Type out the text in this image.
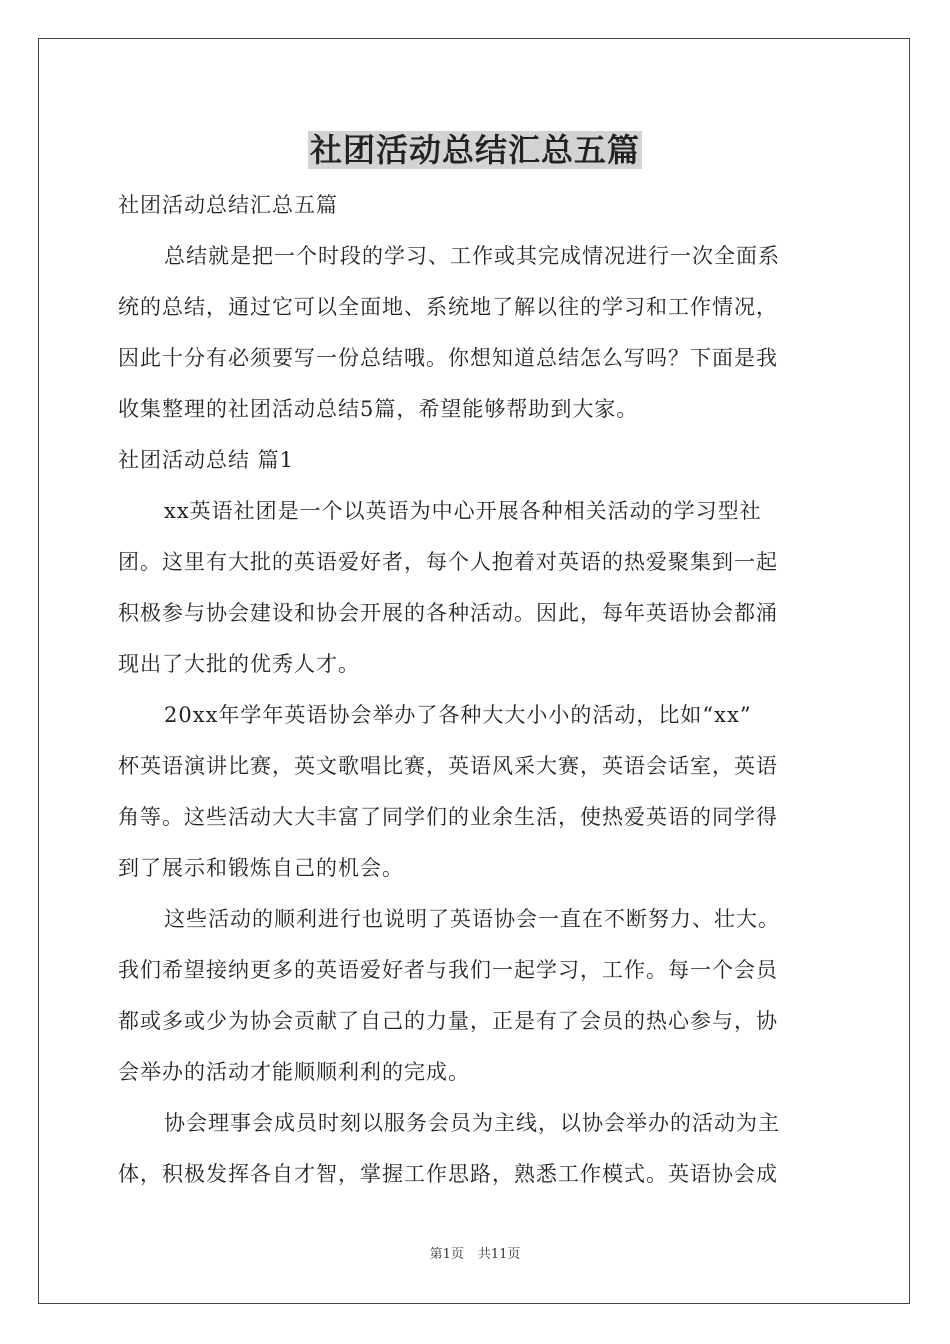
社团活动总结汇总五篇

社团活动总结汇总五篇

总结就是把一个时段的学习、工作或其完成情况进行一次全面系

统的总结，通过它可以全面地、系统地了解以往的学习和工作情况，

因此十分有必须要写一份总结哦。你想知道总结怎么写吗？下面是我

收集整理的社团活动总结5篇，希望能够帮助到大家。

社团活动总结 篇1

xx英语社团是一个以英语为中心开展各种相关活动的学习型社

团。这里有大批的英语爱好者，每个人抱着对英语的热爱聚集到一起

积极参与协会建设和协会开展的各种活动。因此，每年英语协会都涌

现出了大批的优秀人才。

20xx年学年英语协会举办了各种大大小小的活动，比如“xx”

杯英语演讲比赛，英文歌唱比赛，英语风采大赛，英语会话室，英语

角等。这些活动大大丰富了同学们的业余生活，使热爱英语的同学得

到了展示和锻炼自己的机会。

这些活动的顺利进行也说明了英语协会一直在不断努力、壮大。

我们希望接纳更多的英语爱好者与我们一起学习，工作。每一个会员

都或多或少为协会贡献了自己的力量，正是有了会员的热心参与，协

会举办的活动才能顺顺利利的完成。

协会理事会成员时刻以服务会员为主线，以协会举办的活动为主

体，积极发挥各自才智，掌握工作思路，熟悉工作模式。英语协会成

第1页 共11页
